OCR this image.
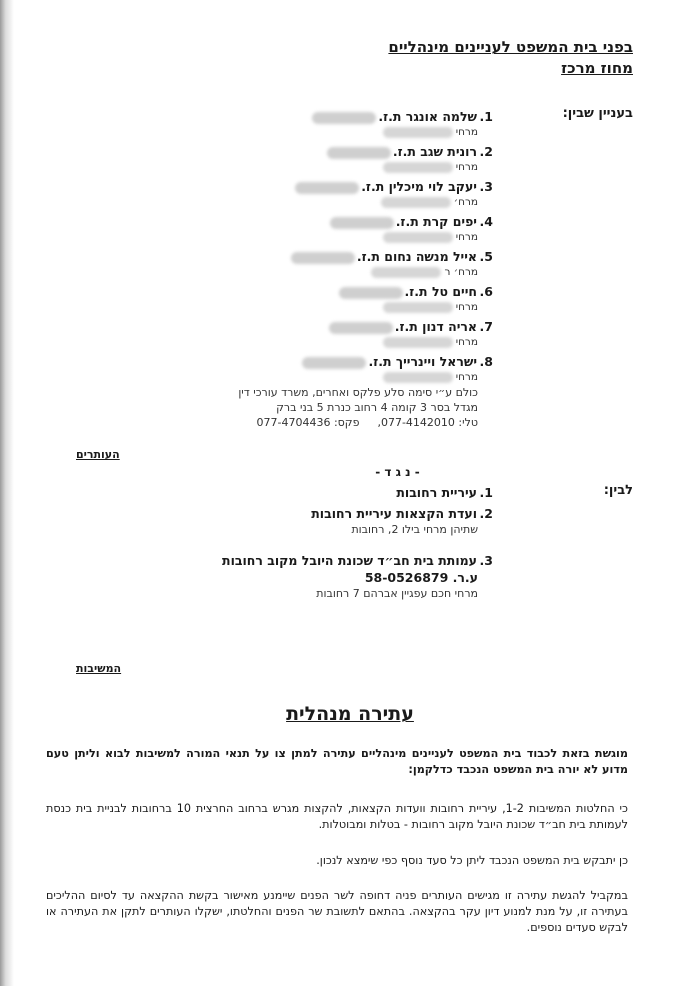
בפני בית המשפט לעניינים מינהליים
מחוז מרכז
בעניין שבין:
1.שלמה אונגר ת.ז.
מרחי
2.רונית שגב ת.ז.
מרחי
3.יעקב לוי מיכלין ת.ז.
מרח׳
4.יפים קרת ת.ז.
מרחי
5.אייל מנשה נחום ת.ז.
מרח׳ ר
6.חיים טל ת.ז.
מרחי
7.אריה דנון ת.ז.
מרחי
8.ישראל ויינרייך ת.ז.
מרחי
כולם ע״י סימה סלע פלקס ואחרים, משרד עורכי דין
מגדל בסר 3 קומה 4 רחוב כנרת 5 בני ברק
טלי: 077-4142010,פקס: 077-4704436
העותרים
- נ ג ד -
לבין:
1.עיריית רחובות
2.ועדת הקצאות עיריית רחובות
שתיהן מרחי בילו 2, רחובות
3.עמותת בית חב״ד שכונת היובל מקוב רחובות
ע.ר. 58-0526879
מרחי חכם עפגיין אברהם 7 רחובות
המשיבות
עתירה מנהלית
מוגשת בזאת לכבוד בית המשפט לעניינים מינהליים עתירה למתן צו על תנאי המורה למשיבות לבוא וליתן טעם מדוע לא יורה בית המשפט הנכבד כדלקמן:
כי החלטות המשיבות 1-2, עיריית רחובות וועדות הקצאות, להקצות מגרש ברחוב החרצית 10 ברחובות לבניית בית כנסת לעמותת בית חב״ד שכונת היובל מקוב רחובות - בטלות ומבוטלות.
כן יתבקש בית המשפט הנכבד ליתן כל סעד נוסף כפי שימצא לנכון.
במקביל להגשת עתירה זו מגישים העותרים פניה דחופה לשר הפנים שיימנע מאישור בקשת ההקצאה עד לסיום ההליכים בעתירה זו, על מנת למנוע דיון עקר בהקצאה. בהתאם לתשובת שר הפנים והחלטתו, ישקלו העותרים לתקן את העתירה או לבקש סעדים נוספים.
